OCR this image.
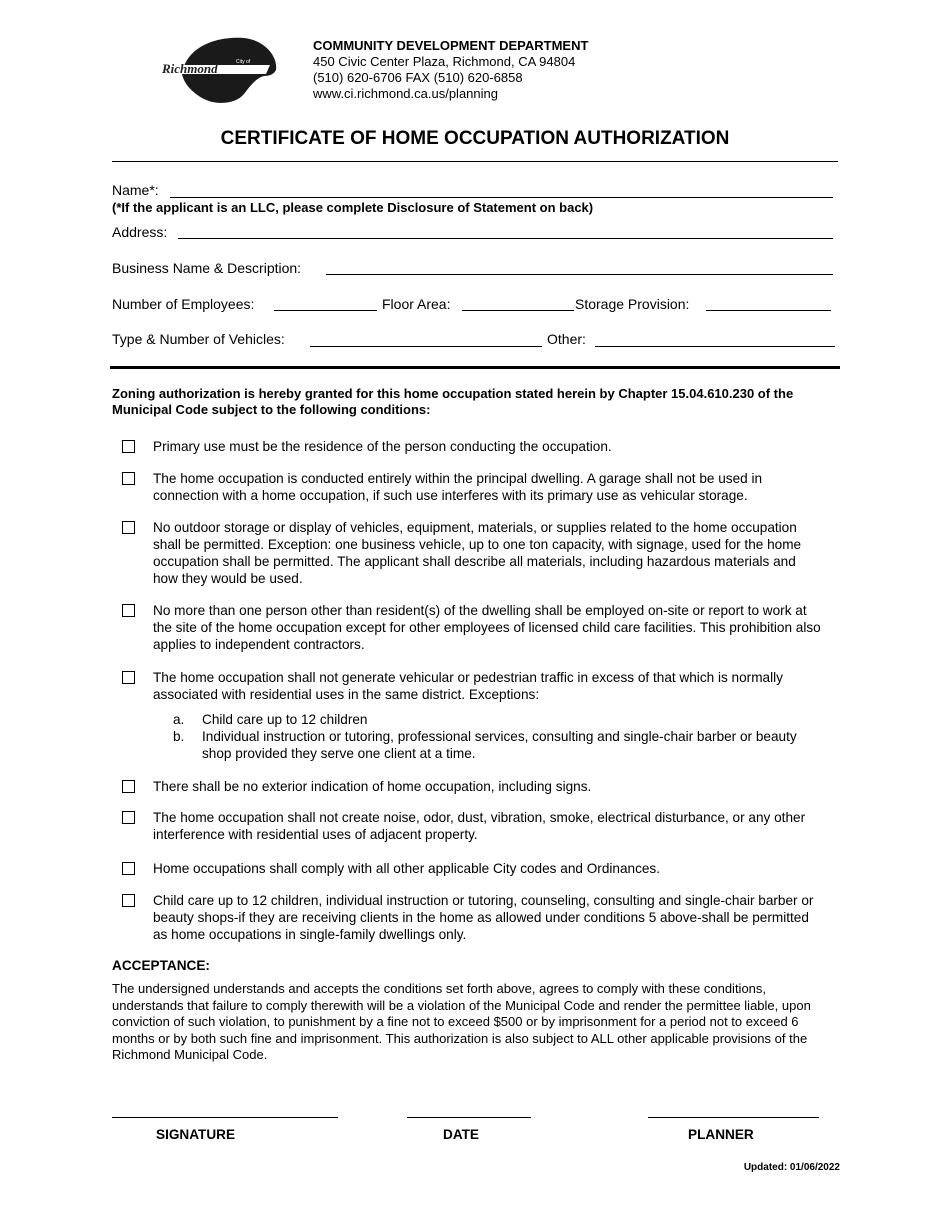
Richmond	City of
COMMUNITY DEVELOPMENT DEPARTMENT
450 Civic Center Plaza, Richmond, CA 94804
(510) 620-6706 FAX (510) 620-6858
www.ci.richmond.ca.us/planning
CERTIFICATE OF HOME OCCUPATION AUTHORIZATION
Name*:
(*If the applicant is an LLC, please complete Disclosure of Statement on back)
Address:
Business Name & Description:
Number of Employees:	Floor Area:	Storage Provision:
Type & Number of Vehicles:	Other:
Zoning authorization is hereby granted for this home occupation stated herein by Chapter 15.04.610.230 of the Municipal Code subject to the following conditions:
Primary use must be the residence of the person conducting the occupation.
The home occupation is conducted entirely within the principal dwelling. A garage shall not be used in connection with a home occupation, if such use interferes with its primary use as vehicular storage.
No outdoor storage or display of vehicles, equipment, materials, or supplies related to the home occupation shall be permitted. Exception: one business vehicle, up to one ton capacity, with signage, used for the home occupation shall be permitted. The applicant shall describe all materials, including hazardous materials and how they would be used.
No more than one person other than resident(s) of the dwelling shall be employed on-site or report to work at the site of the home occupation except for other employees of licensed child care facilities. This prohibition also applies to independent contractors.
The home occupation shall not generate vehicular or pedestrian traffic in excess of that which is normally associated with residential uses in the same district. Exceptions:
a. Child care up to 12 children
b. Individual instruction or tutoring, professional services, consulting and single-chair barber or beauty shop provided they serve one client at a time.
There shall be no exterior indication of home occupation, including signs.
The home occupation shall not create noise, odor, dust, vibration, smoke, electrical disturbance, or any other interference with residential uses of adjacent property.
Home occupations shall comply with all other applicable City codes and Ordinances.
Child care up to 12 children, individual instruction or tutoring, counseling, consulting and single-chair barber or beauty shops-if they are receiving clients in the home as allowed under conditions 5 above-shall be permitted as home occupations in single-family dwellings only.
ACCEPTANCE:
The undersigned understands and accepts the conditions set forth above, agrees to comply with these conditions, understands that failure to comply therewith will be a violation of the Municipal Code and render the permittee liable, upon conviction of such violation, to punishment by a fine not to exceed $500 or by imprisonment for a period not to exceed 6 months or by both such fine and imprisonment. This authorization is also subject to ALL other applicable provisions of the Richmond Municipal Code.
SIGNATURE	DATE	PLANNER
Updated: 01/06/2022
